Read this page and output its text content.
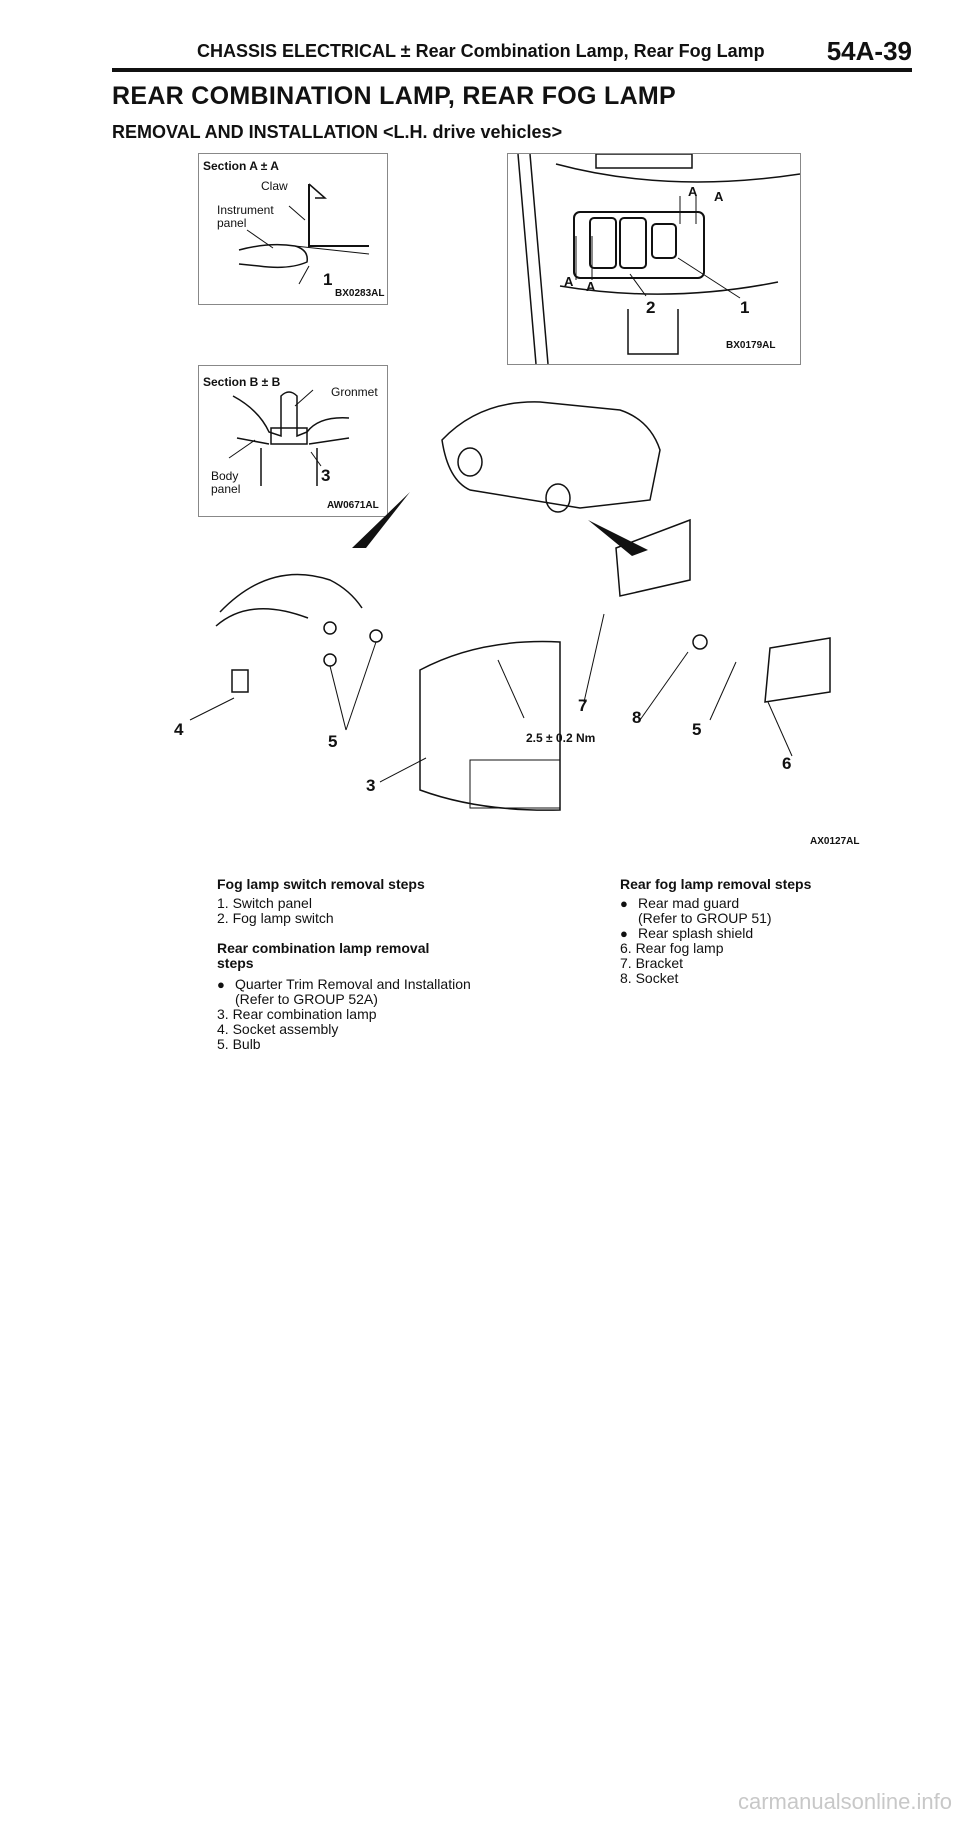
CHASSIS ELECTRICAL ± Rear Combination Lamp, Rear Fog Lamp 54A-39
REAR COMBINATION LAMP, REAR FOG LAMP
REMOVAL AND INSTALLATION <L.H. drive vehicles>
Section A ± A
Claw
Instrument
panel
1
BX0283AL
Section B ± B
Gronmet
Body
panel
3
AW0671AL
A A
A A
2	1
BX0179AL
4
5
3
7
8
5
6
2.5 ± 0.2 Nm
AX0127AL
Fog lamp switch removal steps
1. Switch panel
2. Fog lamp switch
Rear combination lamp removal
steps
● Quarter Trim Removal and Installation
(Refer to GROUP 52A)
3. Rear combination lamp
4. Socket assembly
5. Bulb
Rear fog lamp removal steps
● Rear mad guard
(Refer to GROUP 51)
● Rear splash shield
6. Rear fog lamp
7. Bracket
8. Socket
carmanualsonline.info
